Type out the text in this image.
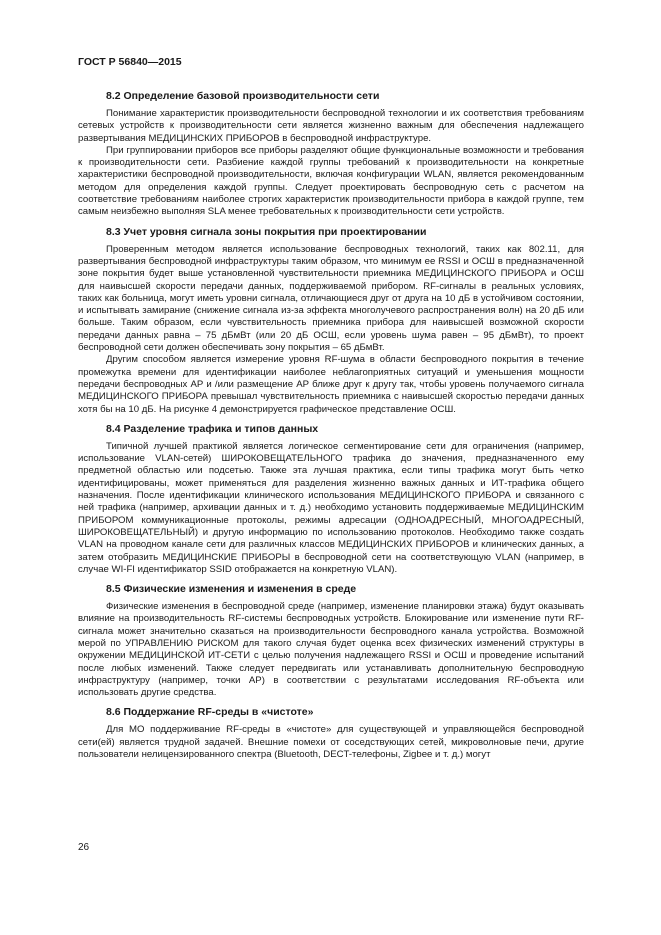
ГОСТ Р 56840—2015
8.2 Определение базовой производительности сети

Понимание характеристик производительности беспроводной технологии и их соответствия требованиям сетевых устройств к производительности сети является жизненно важным для обеспечения надлежащего развертывания МЕДИЦИНСКИХ ПРИБОРОВ в беспроводной инфраструктуре.

При группировании приборов все приборы разделяют общие функциональные возможности и требования к производительности сети. Разбиение каждой группы требований к производительности на конкретные характеристики беспроводной производительности, включая конфигурации WLAN, является рекомендованным методом для определения каждой группы. Следует проектировать беспроводную сеть с расчетом на соответствие требованиям наиболее строгих характеристик производительности прибора в каждой группе, тем самым неизбежно выполняя SLA менее требовательных к производительности сети устройств.

8.3 Учет уровня сигнала зоны покрытия при проектировании

Проверенным методом является использование беспроводных технологий, таких как 802.11, для развертывания беспроводной инфраструктуры таким образом, что минимум ее RSSI и ОСШ в предназначенной зоне покрытия будет выше установленной чувствительности приемника МЕДИЦИНСКОГО ПРИБОРА и ОСШ для наивысшей скорости передачи данных, поддерживаемой прибором. RF-сигналы в реальных условиях, таких как больница, могут иметь уровни сигнала, отличающиеся друг от друга на 10 дБ в устойчивом состоянии, и испытывать замирание (снижение сигнала из-за эффекта многолучевого распространения волн) на 20 дБ или больше. Таким образом, если чувствительность приемника прибора для наивысшей возможной скорости передачи данных равна – 75 дБмВт (или 20 дБ ОСШ, если уровень шума равен – 95 дБмВт), то проект беспроводной сети должен обеспечивать зону покрытия – 65 дБмВт.

Другим способом является измерение уровня RF-шума в области беспроводного покрытия в течение промежутка времени для идентификации наиболее неблагоприятных ситуаций и уменьшения мощности передачи беспроводных АР и /или размещение АР ближе друг к другу так, чтобы уровень получаемого сигнала МЕДИЦИНСКОГО ПРИБОРА превышал чувствительность приемника с наивысшей скоростью передачи данных хотя бы на 10 дБ. На рисунке 4 демонстрируется графическое представление ОСШ.

8.4 Разделение трафика и типов данных

Типичной лучшей практикой является логическое сегментирование сети для ограничения (например, использование VLAN-сетей) ШИРОКОВЕЩАТЕЛЬНОГО трафика до значения, предназначенного ему предметной областью или подсетью. Также эта лучшая практика, если типы трафика могут быть четко идентифицированы, может применяться для разделения жизненно важных данных и ИТ-трафика общего назначения. После идентификации клинического использования МЕДИЦИНСКОГО ПРИБОРА и связанного с ней трафика (например, архивации данных и т. д.) необходимо установить поддерживаемые МЕДИЦИНСКИМ ПРИБОРОМ коммуникационные протоколы, режимы адресации (ОДНОАДРЕСНЫЙ, МНОГОАДРЕСНЫЙ, ШИРОКОВЕЩАТЕЛЬНЫЙ) и другую информацию по использованию протоколов. Необходимо также создать VLAN на проводном канале сети для различных классов МЕДИЦИНСКИХ ПРИБОРОВ и клинических данных, а затем отобразить МЕДИЦИНСКИЕ ПРИБОРЫ в беспроводной сети на соответствующую VLAN (например, в случае WI-FI идентификатор SSID отображается на конкретную VLAN).

8.5 Физические изменения и изменения в среде

Физические изменения в беспроводной среде (например, изменение планировки этажа) будут оказывать влияние на производительность RF-системы беспроводных устройств. Блокирование или изменение пути RF-сигнала может значительно сказаться на производительности беспроводного канала устройства. Возможной мерой по УПРАВЛЕНИЮ РИСКОМ для такого случая будет оценка всех физических изменений структуры в окружении МЕДИЦИНСКОЙ ИТ-СЕТИ с целью получения надлежащего RSSI и ОСШ и проведение испытаний после любых изменений. Также следует передвигать или устанавливать дополнительную беспроводную инфраструктуру (например, точки АР) в соответствии с результатами исследования RF-объекта или использовать другие средства.

8.6 Поддержание RF-среды в «чистоте»

Для МО поддерживание RF-среды в «чистоте» для существующей и управляющейся беспроводной сети(ей) является трудной задачей. Внешние помехи от соседствующих сетей, микроволновые печи, другие пользователи нелицензированного спектра (Bluetooth, DECT-телефоны, Zigbee и т. д.) могут

26
